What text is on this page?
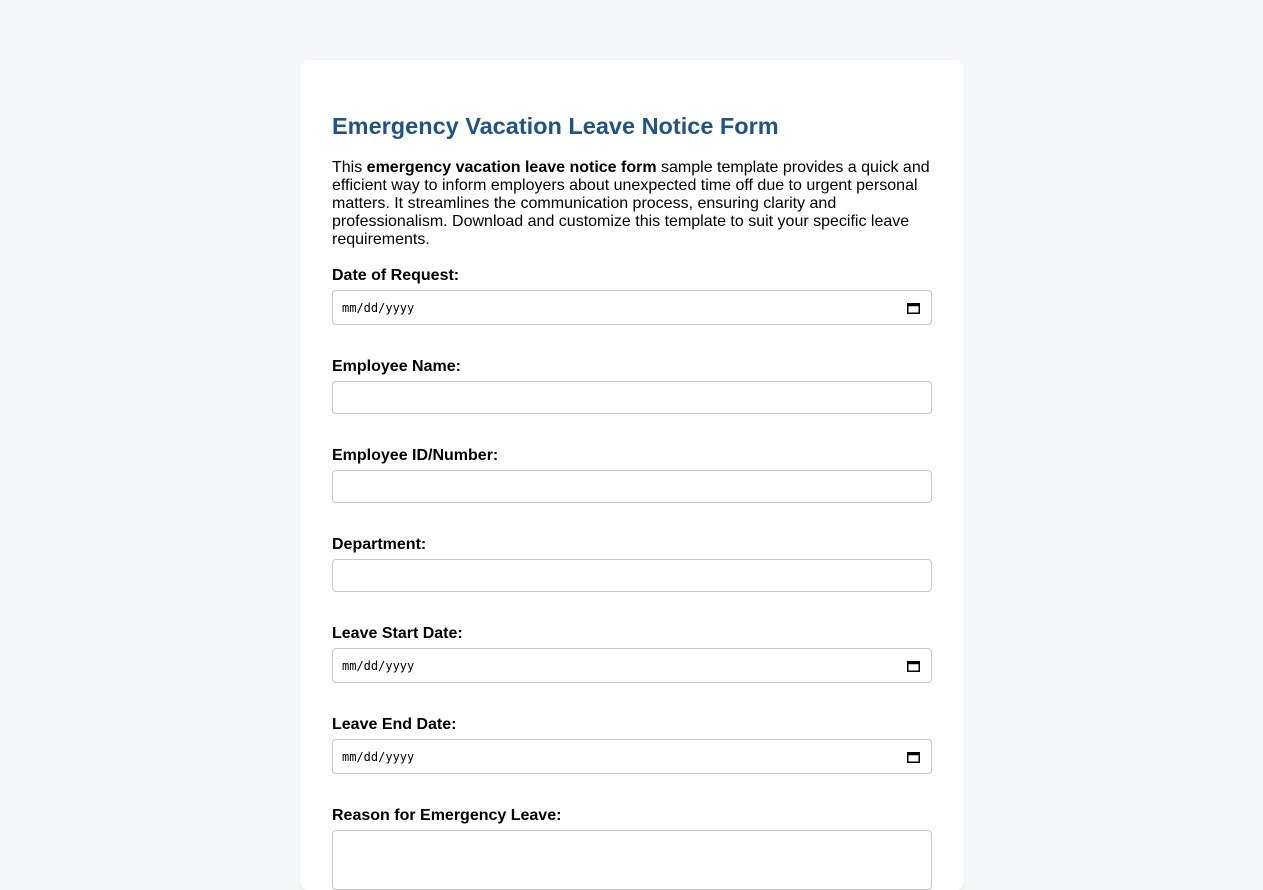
Emergency Vacation Leave Notice Form

This emergency vacation leave notice form sample template provides a quick and efficient way to inform employers about unexpected time off due to urgent personal matters. It streamlines the communication process, ensuring clarity and professionalism. Download and customize this template to suit your specific leave requirements.

Date of Request:
mm/dd/yyyy
Employee Name:
Employee ID/Number:
Department:
Leave Start Date:
mm/dd/yyyy
Leave End Date:
mm/dd/yyyy
Reason for Emergency Leave:
